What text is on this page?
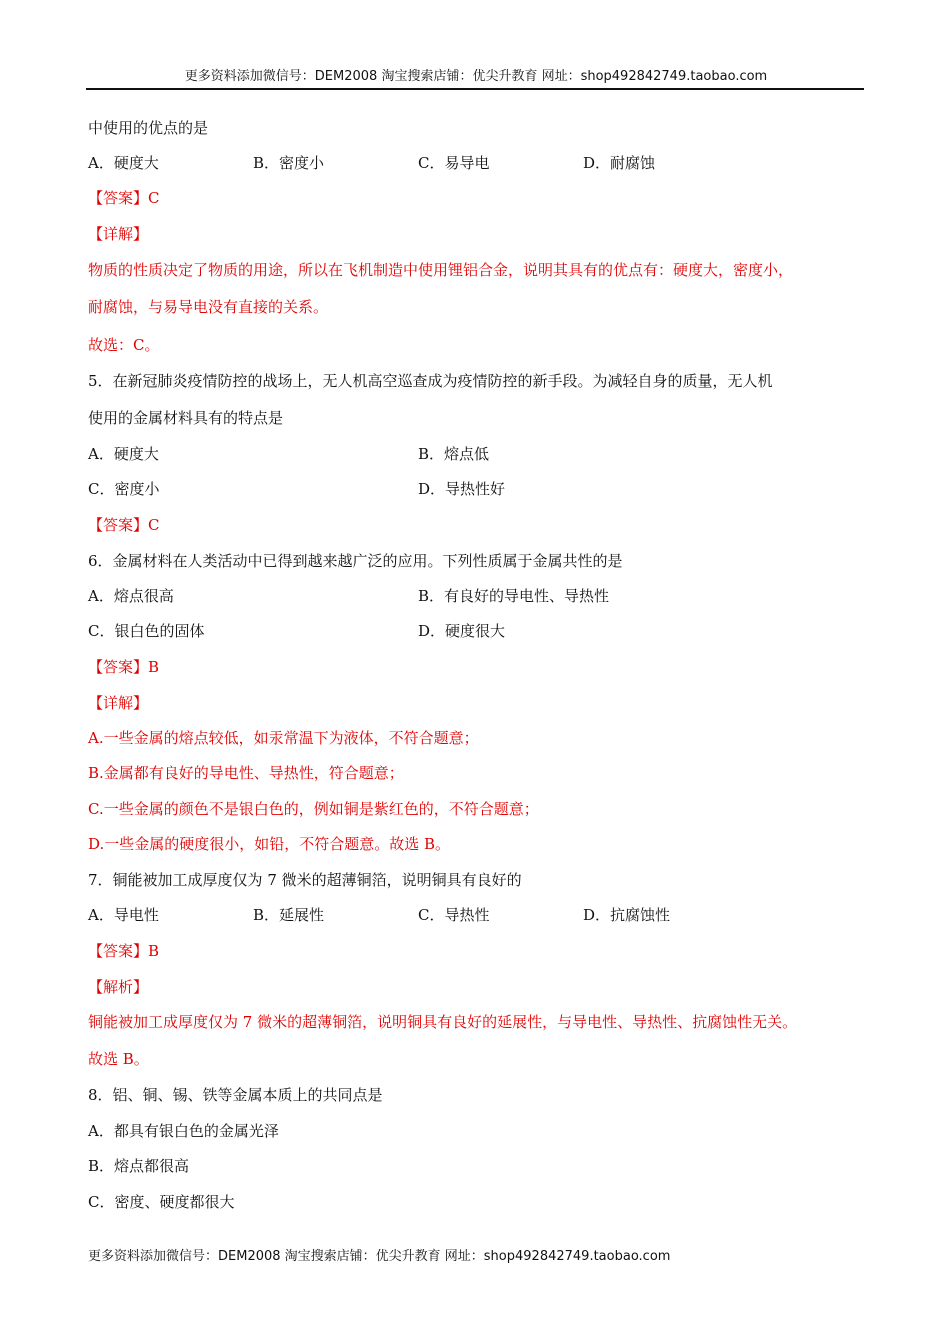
更多资料添加微信号：DEM2008 淘宝搜索店铺：优尖升教育 网址：shop492842749.taobao.com
中使用的优点的是
A．硬度大	B．密度小	C．易导电	D．耐腐蚀
【答案】C
【详解】
物质的性质决定了物质的用途，所以在飞机制造中使用锂铝合金，说明其具有的优点有：硬度大，密度小，
耐腐蚀，与易导电没有直接的关系。
故选：C。
5．在新冠肺炎疫情防控的战场上，无人机高空巡查成为疫情防控的新手段。为减轻自身的质量，无人机
使用的金属材料具有的特点是
A．硬度大	B．熔点低
C．密度小	D．导热性好
【答案】C
6．金属材料在人类活动中已得到越来越广泛的应用。下列性质属于金属共性的是
A．熔点很高	B．有良好的导电性、导热性
C．银白色的固体	D．硬度很大
【答案】B
【详解】
A.一些金属的熔点较低，如汞常温下为液体，不符合题意；
B.金属都有良好的导电性、导热性，符合题意；
C.一些金属的颜色不是银白色的，例如铜是紫红色的，不符合题意；
D.一些金属的硬度很小，如铅，不符合题意。故选 B。
7．铜能被加工成厚度仅为 7 微米的超薄铜箔，说明铜具有良好的
A．导电性	B．延展性	C．导热性	D．抗腐蚀性
【答案】B
【解析】
铜能被加工成厚度仅为 7 微米的超薄铜箔，说明铜具有良好的延展性，与导电性、导热性、抗腐蚀性无关。
故选 B。
8．铝、铜、锡、铁等金属本质上的共同点是
A．都具有银白色的金属光泽
B．熔点都很高
C．密度、硬度都很大
更多资料添加微信号：DEM2008 淘宝搜索店铺：优尖升教育 网址：shop492842749.taobao.com
